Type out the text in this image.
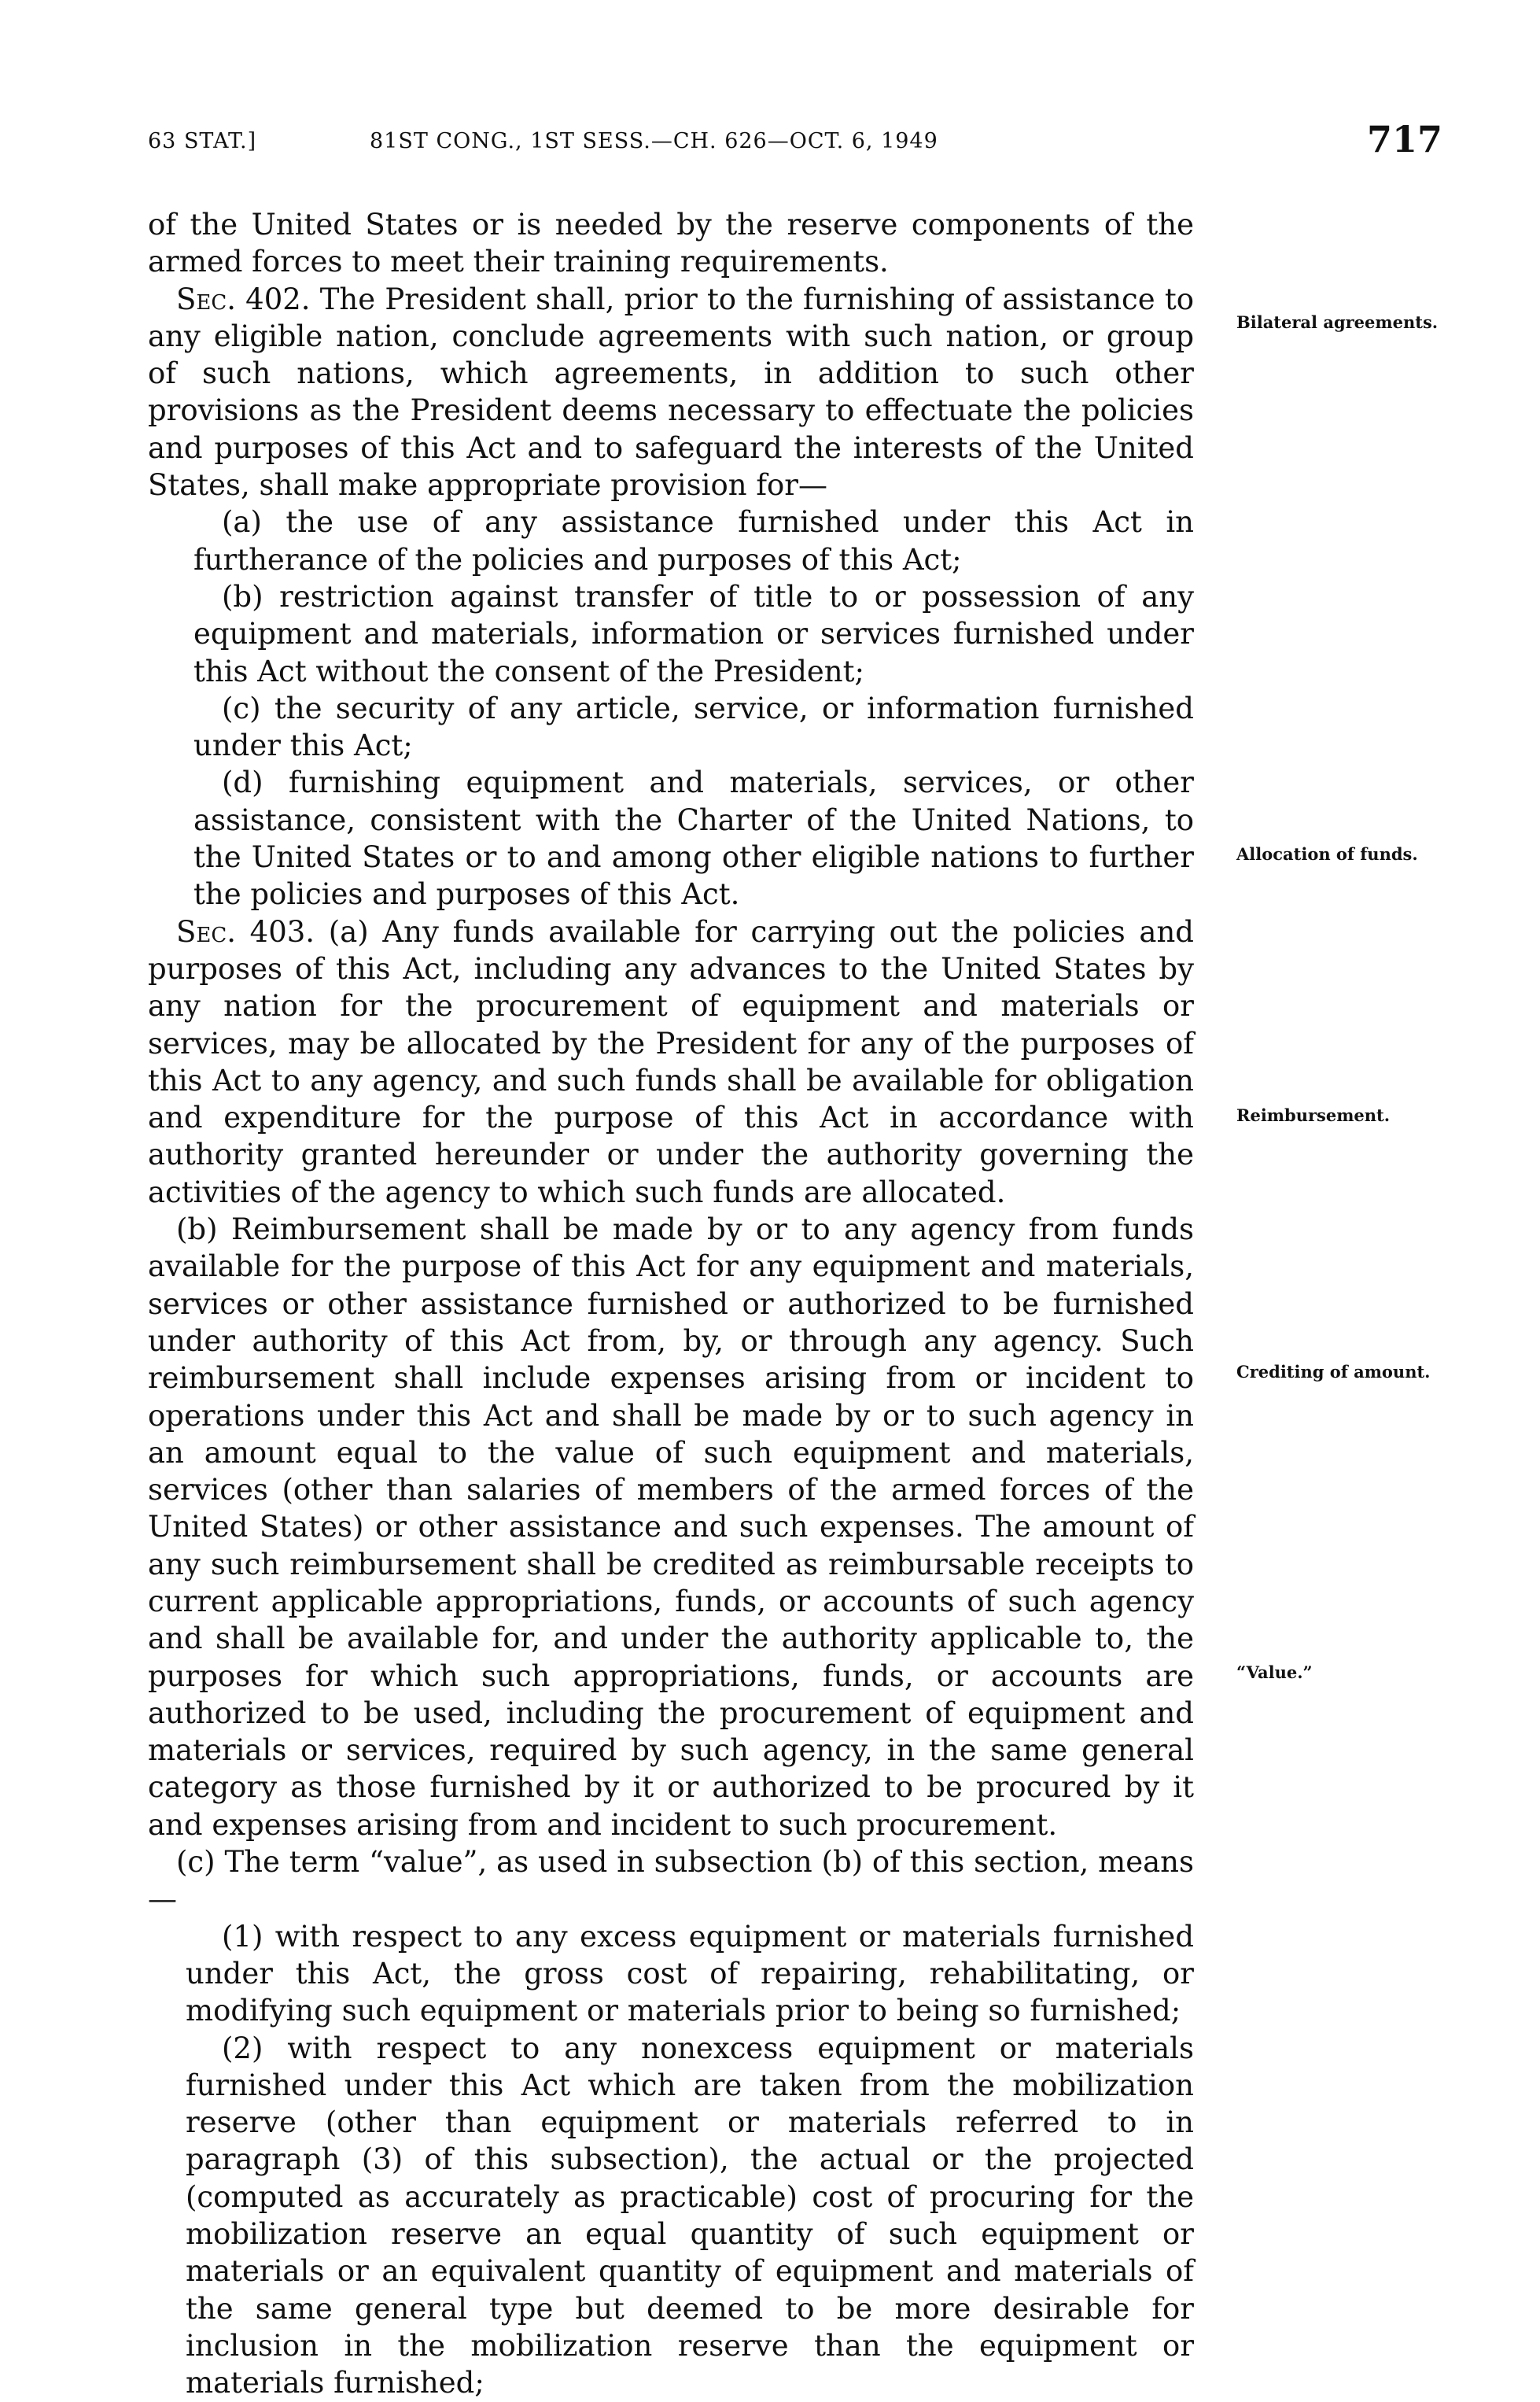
63 STAT.]	81ST CONG., 1ST SESS.—CH. 626—OCT. 6, 1949	717

of the United States or is needed by the reserve components of the armed forces to meet their training requirements.

Sec. 402. The President shall, prior to the furnishing of assistance to any eligible nation, conclude agreements with such nation, or group of such nations, which agreements, in addition to such other provisions as the President deems necessary to effectuate the policies and purposes of this Act and to safeguard the interests of the United States, shall make appropriate provision for—

(a) the use of any assistance furnished under this Act in furtherance of the policies and purposes of this Act;

(b) restriction against transfer of title to or possession of any equipment and materials, information or services furnished under this Act without the consent of the President;

(c) the security of any article, service, or information furnished under this Act;

(d) furnishing equipment and materials, services, or other assistance, consistent with the Charter of the United Nations, to the United States or to and among other eligible nations to further the policies and purposes of this Act.

Sec. 403. (a) Any funds available for carrying out the policies and purposes of this Act, including any advances to the United States by any nation for the procurement of equipment and materials or services, may be allocated by the President for any of the purposes of this Act to any agency, and such funds shall be available for obligation and expenditure for the purpose of this Act in accordance with authority granted hereunder or under the authority governing the activities of the agency to which such funds are allocated.

(b) Reimbursement shall be made by or to any agency from funds available for the purpose of this Act for any equipment and materials, services or other assistance furnished or authorized to be furnished under authority of this Act from, by, or through any agency. Such reimbursement shall include expenses arising from or incident to operations under this Act and shall be made by or to such agency in an amount equal to the value of such equipment and materials, services (other than salaries of members of the armed forces of the United States) or other assistance and such expenses. The amount of any such reimbursement shall be credited as reimbursable receipts to current applicable appropriations, funds, or accounts of such agency and shall be available for, and under the authority applicable to, the purposes for which such appropriations, funds, or accounts are authorized to be used, including the procurement of equipment and materials or services, required by such agency, in the same general category as those furnished by it or authorized to be procured by it and expenses arising from and incident to such procurement.

(c) The term “value”, as used in subsection (b) of this section, means—

(1) with respect to any excess equipment or materials furnished under this Act, the gross cost of repairing, rehabilitating, or modifying such equipment or materials prior to being so furnished;

(2) with respect to any nonexcess equipment or materials furnished under this Act which are taken from the mobilization reserve (other than equipment or materials referred to in paragraph (3) of this subsection), the actual or the projected (computed as accurately as practicable) cost of procuring for the mobilization reserve an equal quantity of such equipment or materials or an equivalent quantity of equipment and materials of the same general type but deemed to be more desirable for inclusion in the mobilization reserve than the equipment or materials furnished;

Bilateral agreements.
Allocation of funds.
Reimbursement.
Crediting of amount.
“Value.”
